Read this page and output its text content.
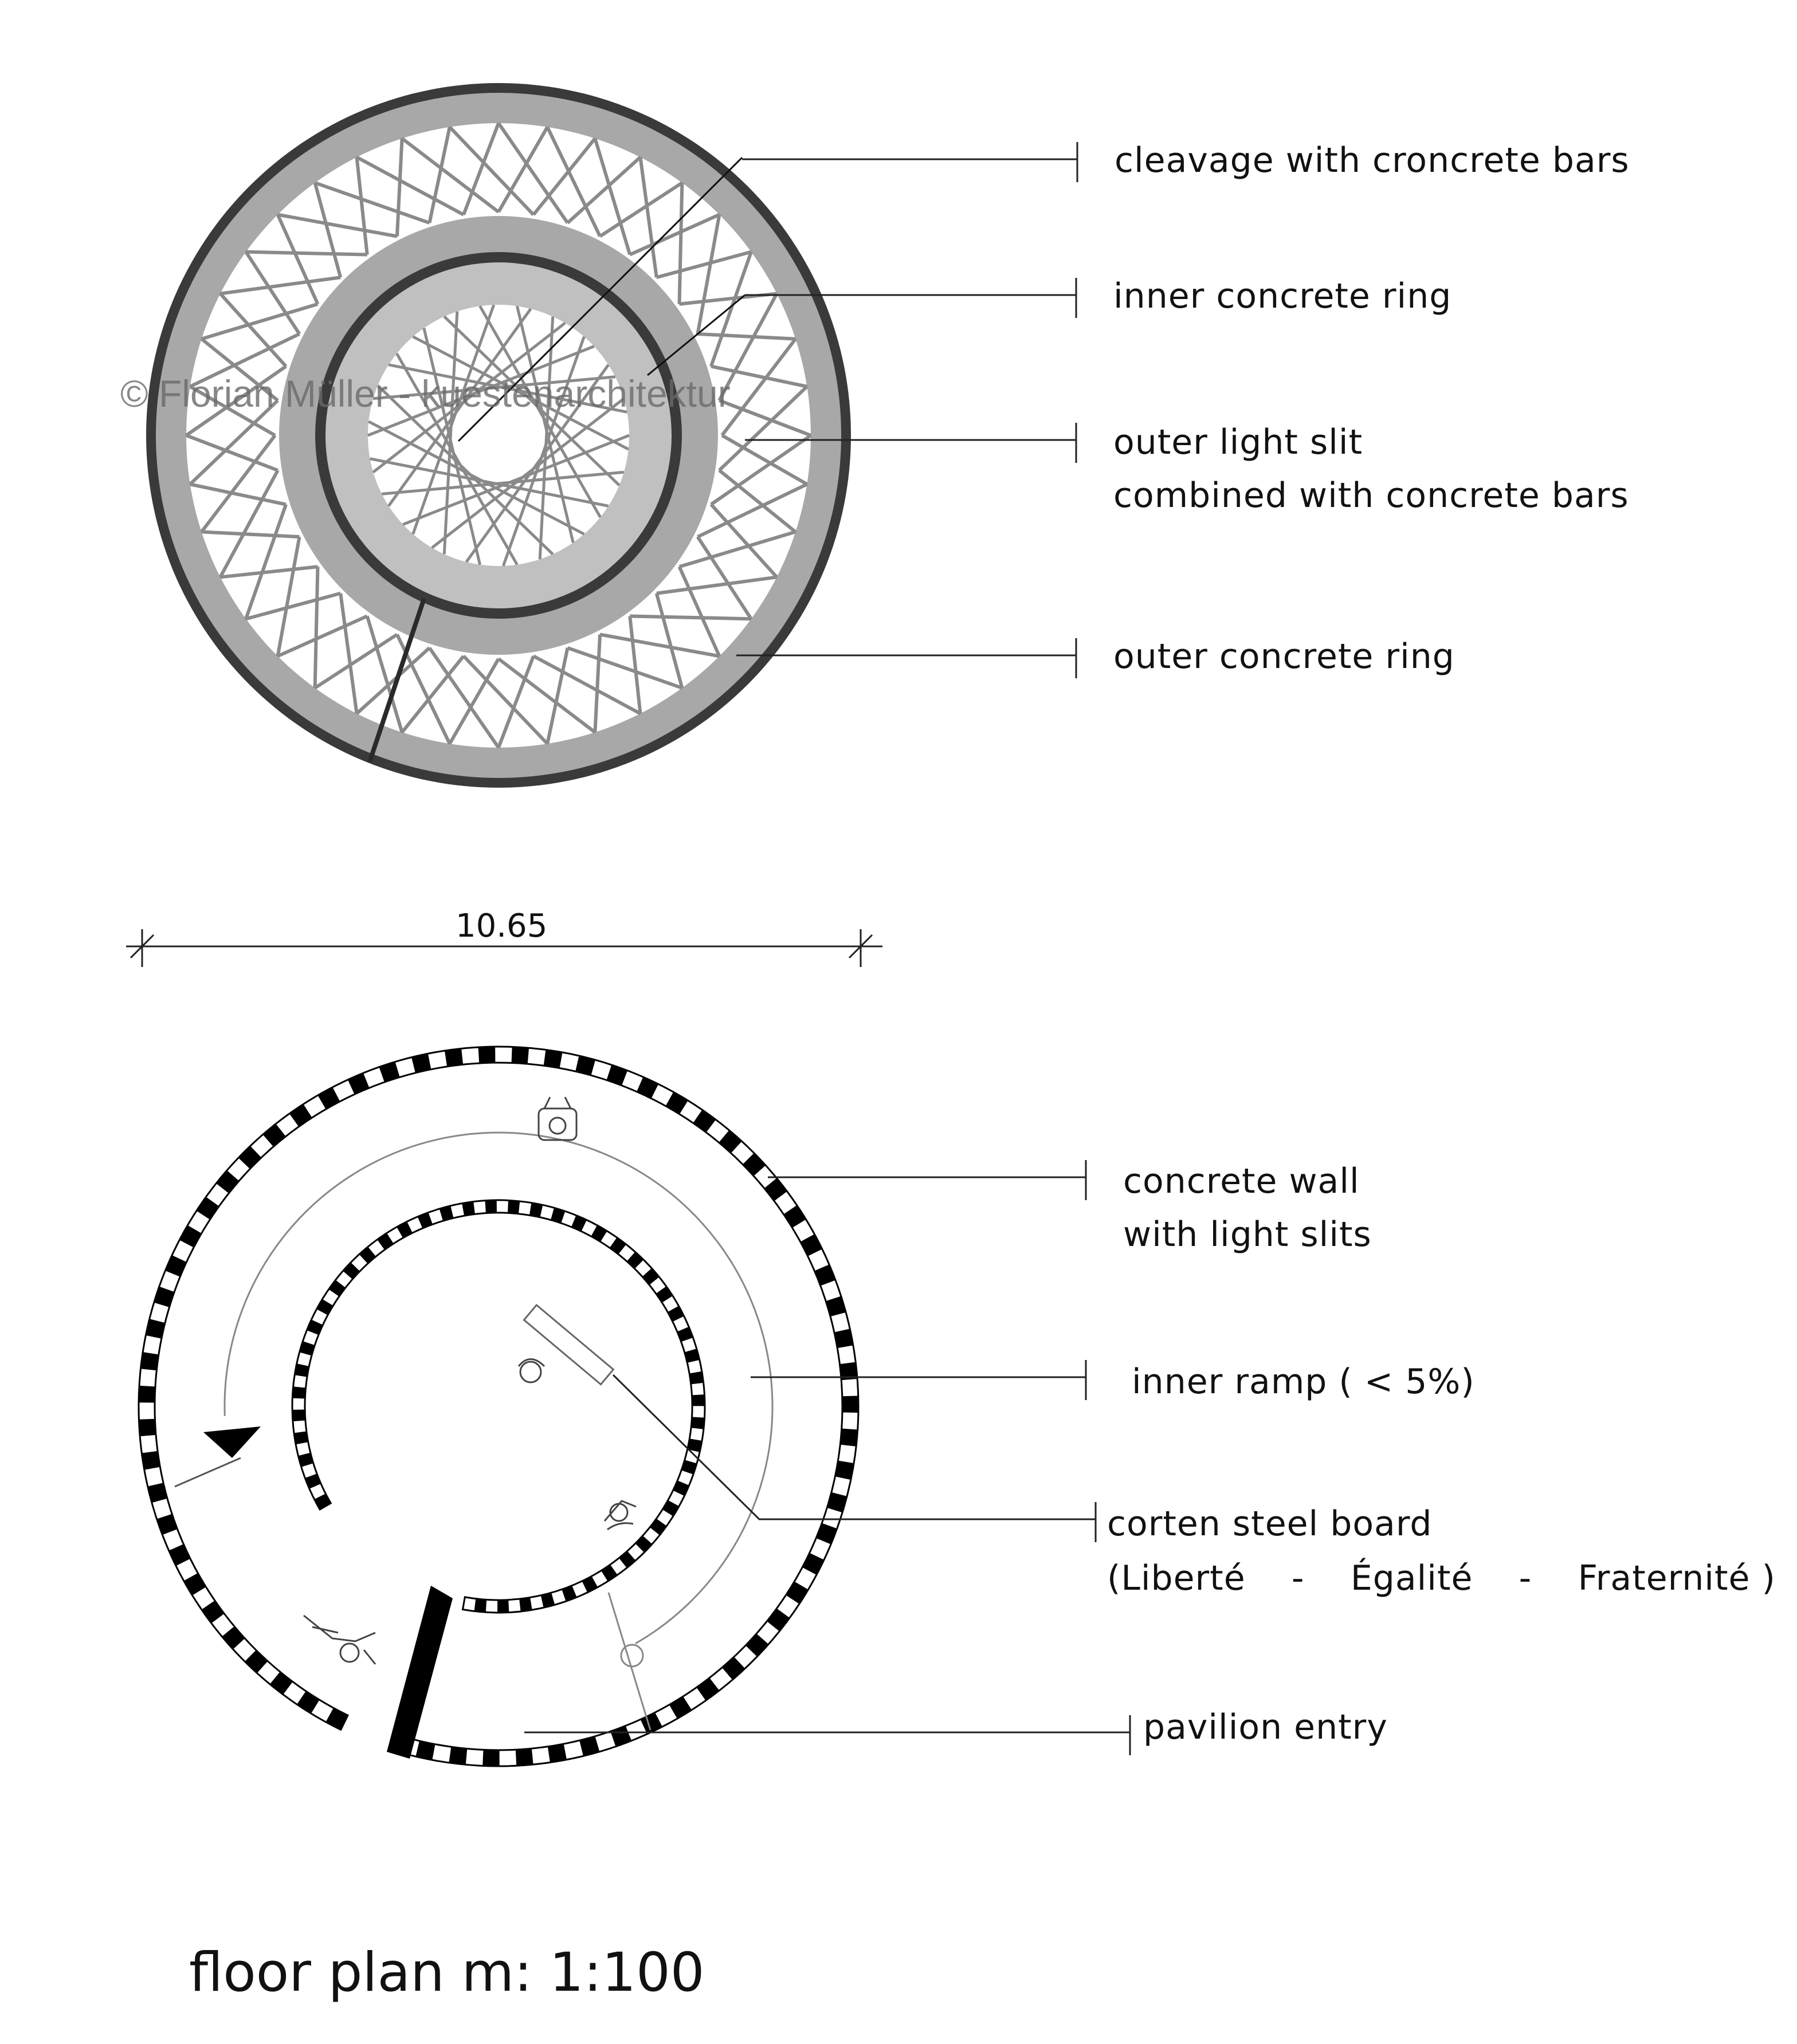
© Florian Müller - kuestenarchitektur
cleavage with croncrete bars
inner concrete ring
outer light slit
combined with concrete bars
outer concrete ring
10.65
concrete wall
with light slits
inner ramp ( < 5%)
corten steel board
(Liberté    -    Égalité    -    Fraternité )
pavilion entry
floor plan m: 1:100
